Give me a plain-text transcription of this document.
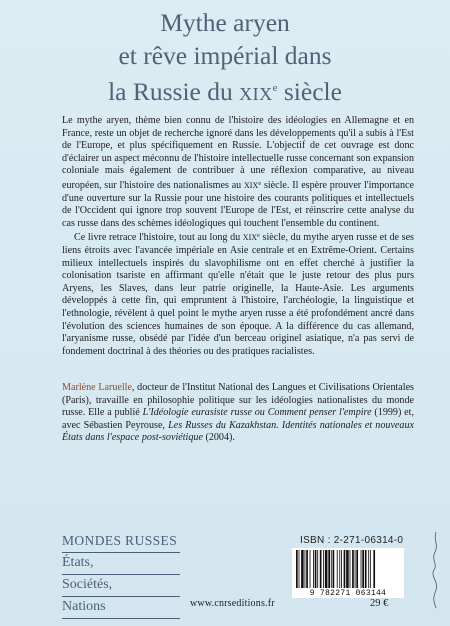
Mythe aryen
et rêve impérial dans
la Russie du XIXe siècle

Le mythe aryen, thème bien connu de l'histoire des idéologies en Allemagne et en France, reste un objet de recherche ignoré dans les développements qu'il a subis à l'Est de l'Europe, et plus spécifiquement en Russie. L'objectif de cet ouvrage est donc d'éclairer un aspect méconnu de l'histoire intellectuelle russe concernant son expansion coloniale mais également de contribuer à une réflexion comparative, au niveau européen, sur l'histoire des nationalismes au XIXe siècle. Il espère prouver l'importance d'une ouverture sur la Russie pour une histoire des courants politiques et intellectuels de l'Occident qui ignore trop souvent l'Europe de l'Est, et réinscrire cette analyse du cas russe dans des schèmes idéologiques qui touchent l'ensemble du continent.

Ce livre retrace l'histoire, tout au long du XIXe siècle, du mythe aryen russe et de ses liens étroits avec l'avancée impériale en Asie centrale et en Extrême-Orient. Certains milieux intellectuels inspirés du slavophilisme ont en effet cherché à justifier la colonisation tsariste en affirmant qu'elle n'était que le juste retour des plus purs Aryens, les Slaves, dans leur patrie originelle, la Haute-Asie. Les arguments développés à cette fin, qui empruntent à l'histoire, l'archéologie, la linguistique et l'ethnologie, révèlent à quel point le mythe aryen russe a été profondément ancré dans l'évolution des sciences humaines de son époque. A la différence du cas allemand, l'aryanisme russe, obsédé par l'idée d'un berceau originel asiatique, n'a pas servi de fondement doctrinal à des théories ou des pratiques racialistes.

Marlène Laruelle, docteur de l'Institut National des Langues et Civilisations Orientales (Paris), travaille en philosophie politique sur les idéologies nationalistes du monde russe. Elle a publié L'Idéologie eurasiste russe ou Comment penser l'empire (1999) et, avec Sébastien Peyrouse, Les Russes du Kazakhstan. Identités nationales et nouveaux États dans l'espace post-soviétique (2004).
MONDES RUSSES
États,
Sociétés,
Nations
ISBN : 2-271-06314-0
9 782271 063144
www.cnrseditions.fr	29 €
